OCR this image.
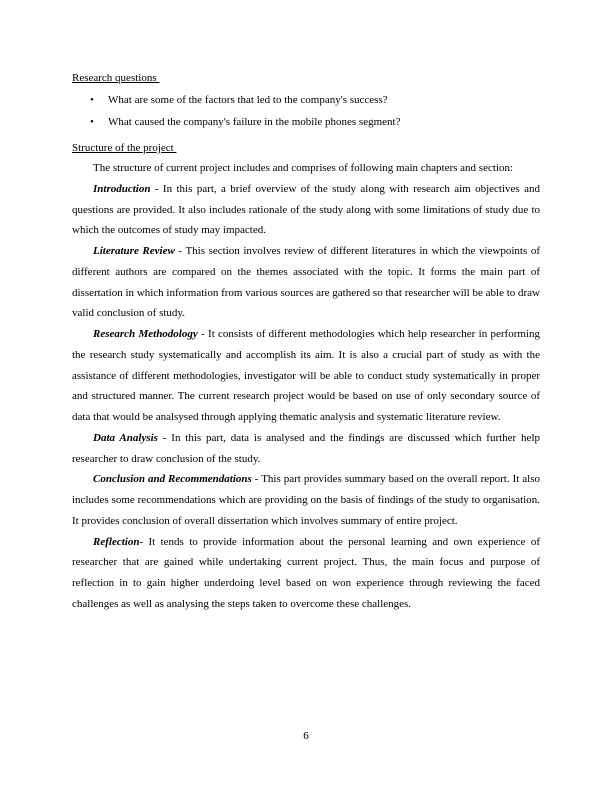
Research questions
• What are some of the factors that led to the company's success?
• What caused the company's failure in the mobile phones segment?
Structure of the project

The structure of current project includes and comprises of following main chapters and section:

Introduction - In this part, a brief overview of the study along with research aim objectives and questions are provided. It also includes rationale of the study along with some limitations of study due to which the outcomes of study may impacted.

Literature Review - This section involves review of different literatures in which the viewpoints of different authors are compared on the themes associated with the topic. It forms the main part of dissertation in which information from various sources are gathered so that researcher will be able to draw valid conclusion of study.

Research Methodology - It consists of different methodologies which help researcher in performing the research study systematically and accomplish its aim. It is also a crucial part of study as with the assistance of different methodologies, investigator will be able to conduct study systematically in proper and structured manner. The current research project would be based on use of only secondary source of data that would be analsysed through applying thematic analysis and systematic literature review.

Data Analysis - In this part, data is analysed and the findings are discussed which further help researcher to draw conclusion of the study.

Conclusion and Recommendations - This part provides summary based on the overall report. It also includes some recommendations which are providing on the basis of findings of the study to organisation. It provides conclusion of overall dissertation which involves summary of entire project.

Reflection- It tends to provide information about the personal learning and own experience of researcher that are gained while undertaking current project. Thus, the main focus and purpose of reflection in to gain higher underdoing level based on won experience through reviewing the faced challenges as well as analysing the steps taken to overcome these challenges.

6
